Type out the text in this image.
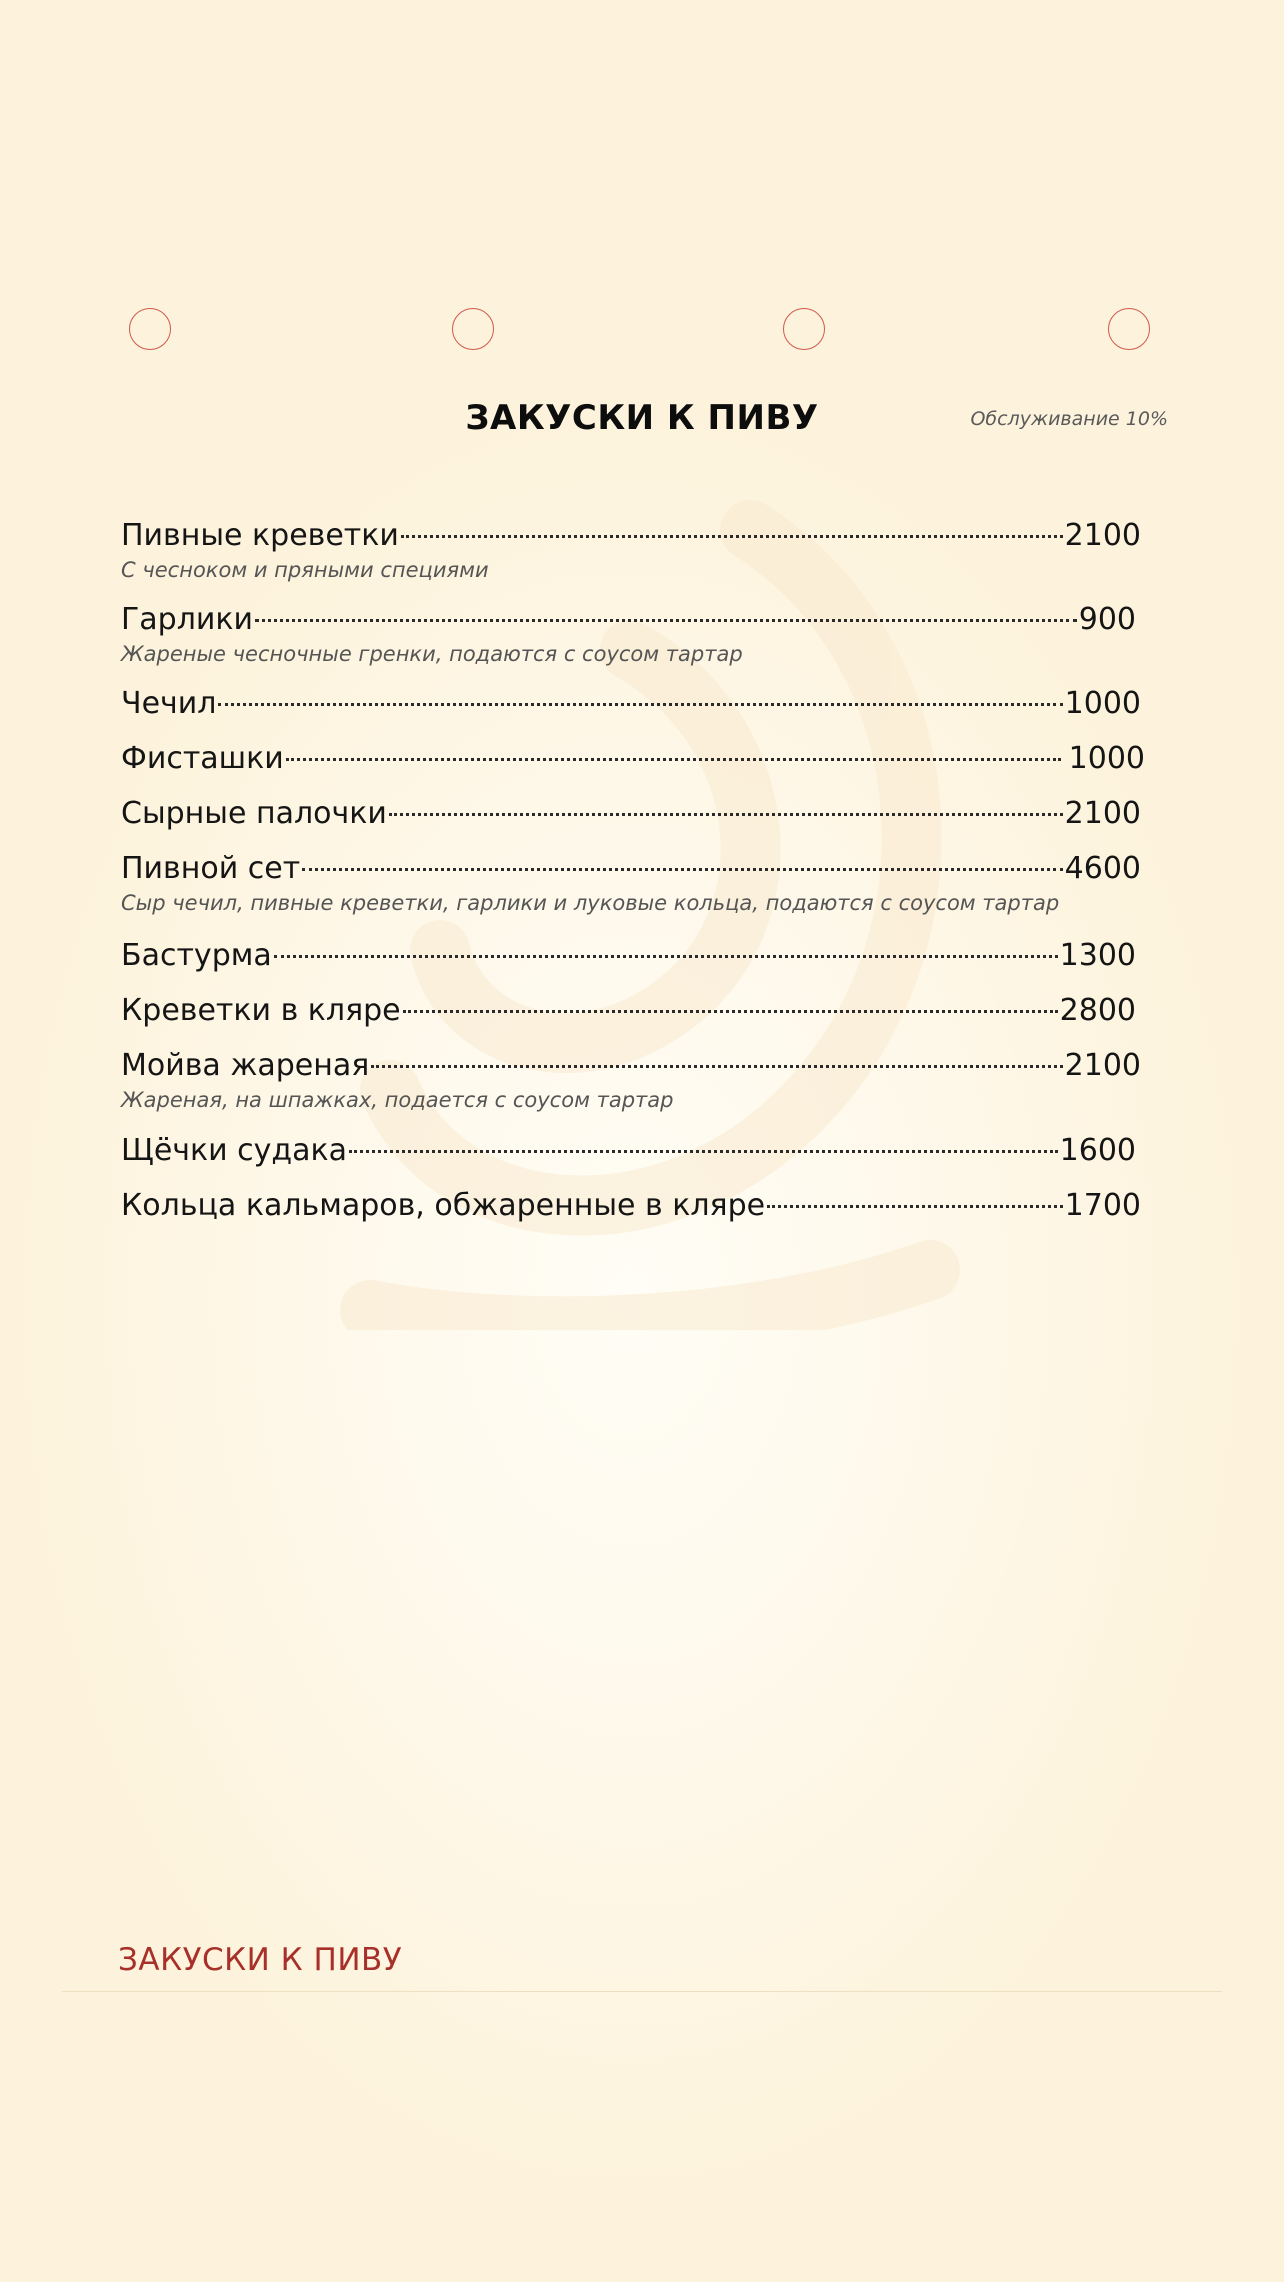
ЗАКУСКИ К ПИВУ	Обслуживание 10%
Пивные креветки	2100
С чесноком и пряными специями
Гарлики	900
Жареные чесночные гренки, подаются с соусом тартар
Чечил	1000
Фисташки	1000
Сырные палочки	2100
Пивной сет	4600
Сыр чечил, пивные креветки, гарлики и луковые кольца, подаются с соусом тартар
Бастурма	1300
Креветки в кляре	2800
Мойва жареная	2100
Жареная, на шпажках, подается с соусом тартар
Щёчки судака	1600
Кольца кальмаров, обжаренные в кляре	1700
ЗАКУСКИ К ПИВУ
